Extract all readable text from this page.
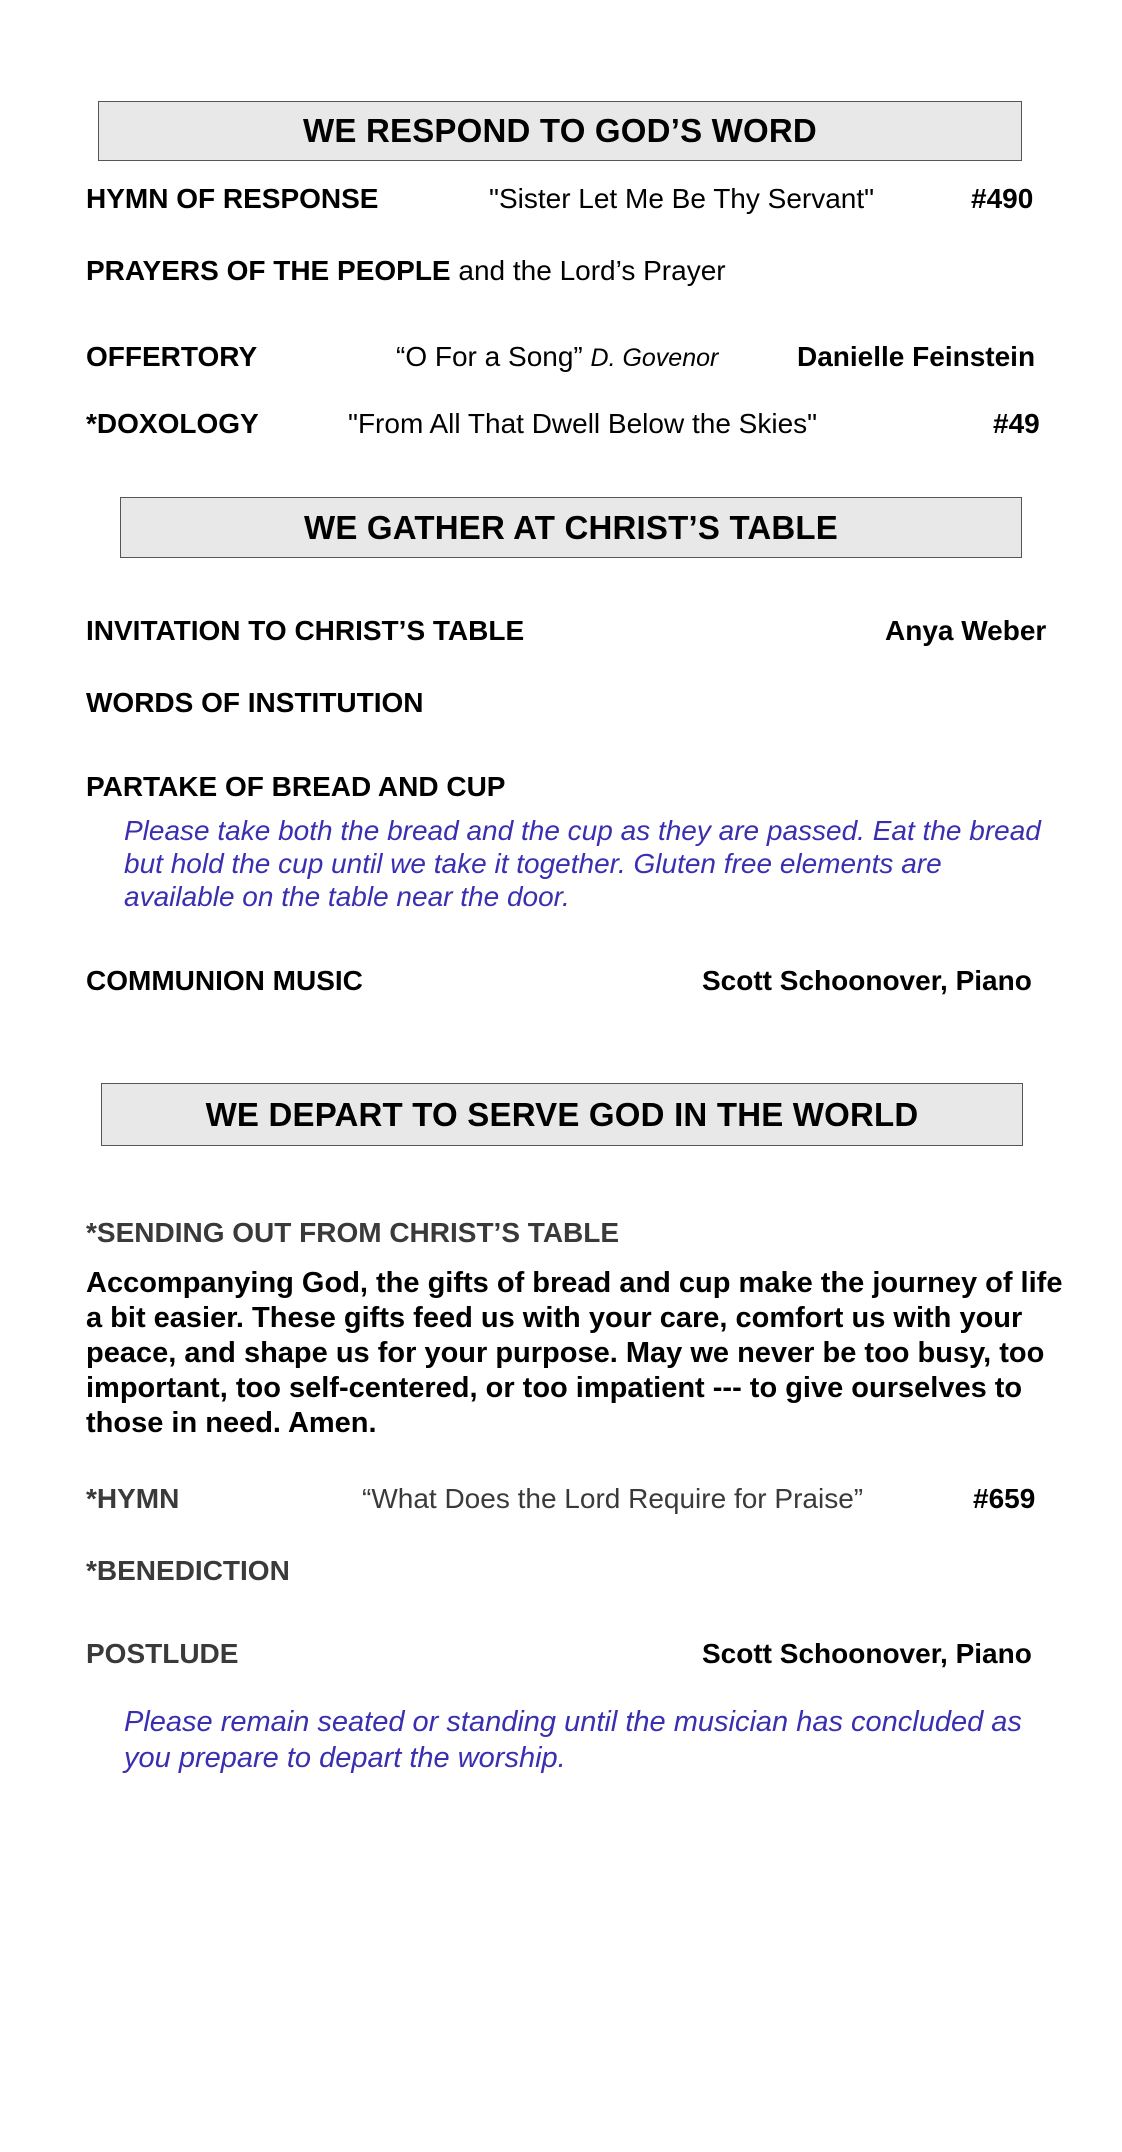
WE RESPOND TO GOD’S WORD
HYMN OF RESPONSE	"Sister Let Me Be Thy Servant"	#490
PRAYERS OF THE PEOPLE and the Lord’s Prayer
OFFERTORY	“O For a Song” D. Govenor	Danielle Feinstein
*DOXOLOGY	"From All That Dwell Below the Skies"	#49
WE GATHER AT CHRIST’S TABLE
INVITATION TO CHRIST’S TABLE	Anya Weber
WORDS OF INSTITUTION
PARTAKE OF BREAD AND CUP
Please take both the bread and the cup as they are passed. Eat the bread but hold the cup until we take it together. Gluten free elements are available on the table near the door.
COMMUNION MUSIC	Scott Schoonover, Piano
WE DEPART TO SERVE GOD IN THE WORLD
*SENDING OUT FROM CHRIST’S TABLE
Accompanying God, the gifts of bread and cup make the journey of life a bit easier. These gifts feed us with your care, comfort us with your peace, and shape us for your purpose. May we never be too busy, too important, too self-centered, or too impatient --- to give ourselves to those in need. Amen.
*HYMN	“What Does the Lord Require for Praise”	#659
*BENEDICTION
POSTLUDE	Scott Schoonover, Piano
Please remain seated or standing until the musician has concluded as you prepare to depart the worship.
